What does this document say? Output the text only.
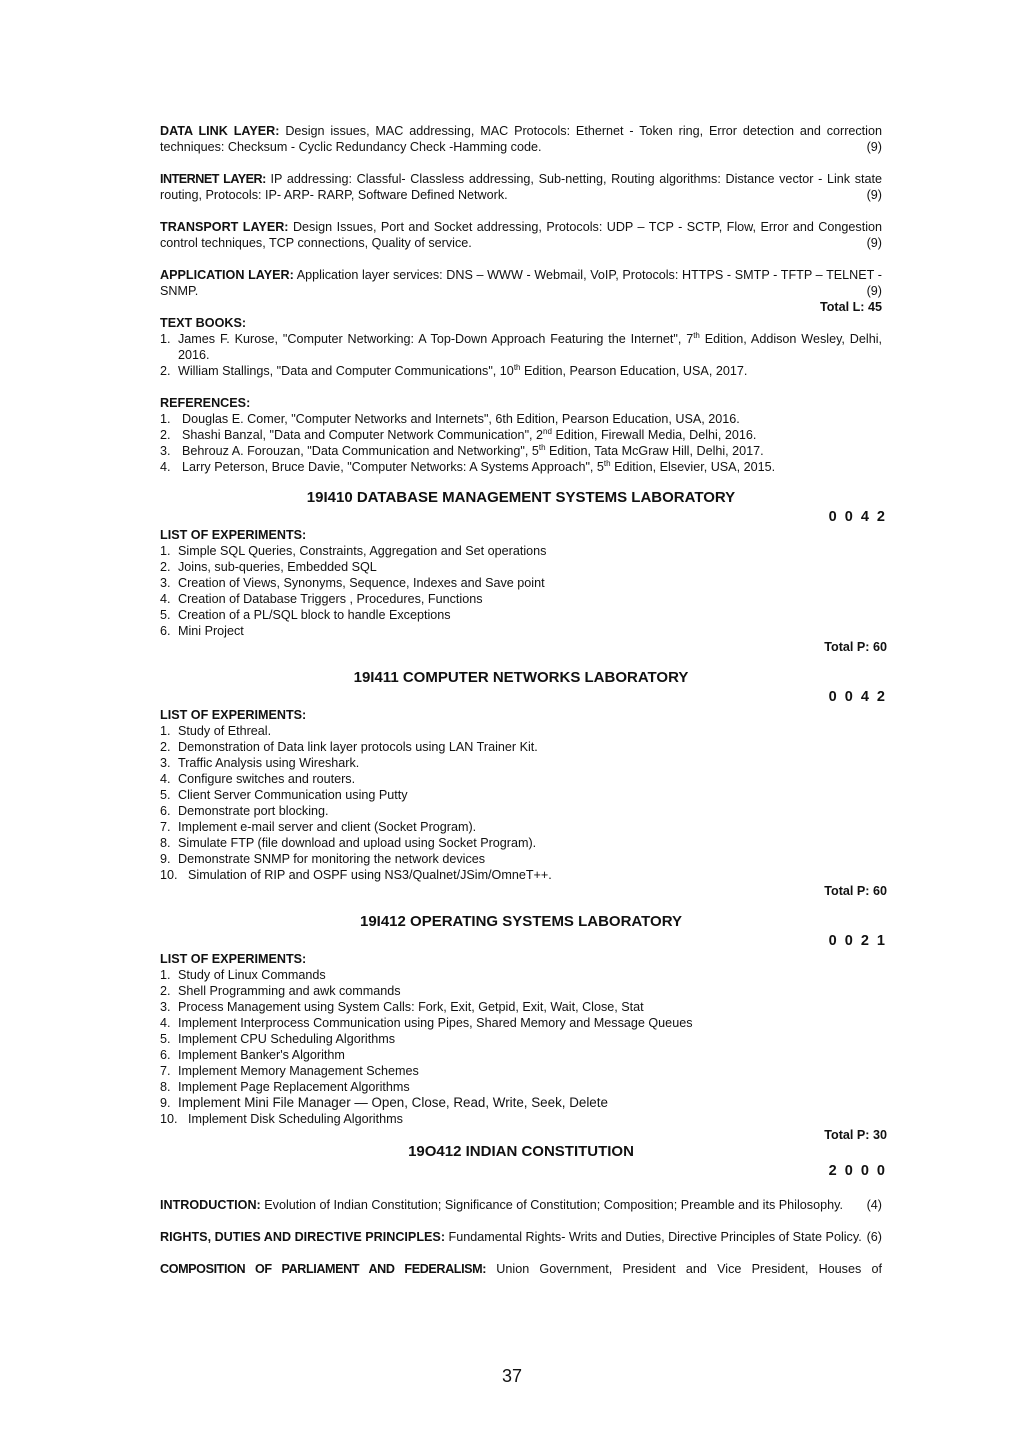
DATA LINK LAYER: Design issues, MAC addressing, MAC Protocols: Ethernet - Token ring, Error detection and correction techniques: Checksum - Cyclic Redundancy Check -Hamming code.	(9)
INTERNET LAYER: IP addressing: Classful- Classless addressing, Sub-netting, Routing algorithms: Distance vector - Link state routing, Protocols: IP- ARP- RARP, Software Defined Network.	(9)
TRANSPORT LAYER: Design Issues, Port and Socket addressing, Protocols: UDP – TCP - SCTP, Flow, Error and Congestion control techniques, TCP connections, Quality of service.	(9)
APPLICATION LAYER: Application layer services: DNS – WWW - Webmail, VoIP, Protocols: HTTPS - SMTP - TFTP – TELNET - SNMP.	(9)
Total L: 45
TEXT BOOKS:
1. James F. Kurose, "Computer Networking: A Top-Down Approach Featuring the Internet", 7th Edition, Addison Wesley, Delhi, 2016.
2. William Stallings, "Data and Computer Communications", 10th Edition, Pearson Education, USA, 2017.
REFERENCES:
1. Douglas E. Comer, "Computer Networks and Internets", 6th Edition, Pearson Education, USA, 2016.
2. Shashi Banzal, "Data and Computer Network Communication", 2nd Edition, Firewall Media, Delhi, 2016.
3. Behrouz A. Forouzan, "Data Communication and Networking", 5th Edition, Tata McGraw Hill, Delhi, 2017.
4. Larry Peterson, Bruce Davie, "Computer Networks: A Systems Approach", 5th Edition, Elsevier, USA, 2015.
19I410 DATABASE MANAGEMENT SYSTEMS LABORATORY
0 0 4 2
LIST OF EXPERIMENTS:
1. Simple SQL Queries, Constraints, Aggregation and Set operations
2. Joins, sub-queries, Embedded SQL
3. Creation of Views, Synonyms, Sequence, Indexes and Save point
4. Creation of Database Triggers , Procedures, Functions
5. Creation of a PL/SQL block to handle Exceptions
6. Mini Project
Total P: 60
19I411 COMPUTER NETWORKS LABORATORY
0 0 4 2
LIST OF EXPERIMENTS:
1. Study of Ethreal.
2. Demonstration of Data link layer protocols using LAN Trainer Kit.
3. Traffic Analysis using Wireshark.
4. Configure switches and routers.
5. Client Server Communication using Putty
6. Demonstrate port blocking.
7. Implement e-mail server and client (Socket Program).
8. Simulate FTP (file download and upload using Socket Program).
9. Demonstrate SNMP for monitoring the network devices
10. Simulation of RIP and OSPF using NS3/Qualnet/JSim/OmneT++.
Total P: 60
19I412 OPERATING SYSTEMS LABORATORY
0 0 2 1
LIST OF EXPERIMENTS:
1. Study of Linux Commands
2. Shell Programming and awk commands
3. Process Management using System Calls: Fork, Exit, Getpid, Exit, Wait, Close, Stat
4. Implement Interprocess Communication using Pipes, Shared Memory and Message Queues
5. Implement CPU Scheduling Algorithms
6. Implement Banker's Algorithm
7. Implement Memory Management Schemes
8. Implement Page Replacement Algorithms
9. Implement Mini File Manager — Open, Close, Read, Write, Seek, Delete
10. Implement Disk Scheduling Algorithms
Total P: 30
19O412 INDIAN CONSTITUTION
2 0 0 0
INTRODUCTION: Evolution of Indian Constitution; Significance of Constitution; Composition; Preamble and its Philosophy. (4)
RIGHTS, DUTIES AND DIRECTIVE PRINCIPLES: Fundamental Rights- Writs and Duties, Directive Principles of State Policy. (6)
COMPOSITION OF PARLIAMENT AND FEDERALISM: Union Government, President and Vice President, Houses of
37
